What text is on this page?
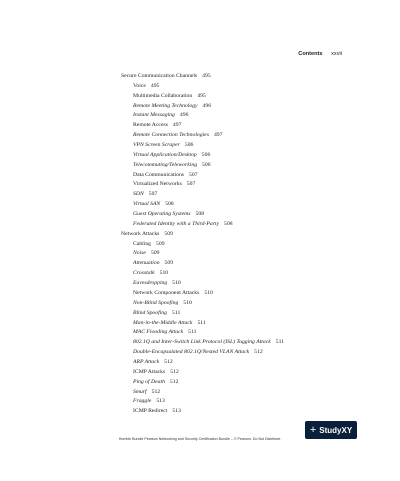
Contents xxvii
Secure Communication Channels 495
Voice 495
Multimedia Collaboration 495
Remote Meeting Technology 496
Instant Messaging 496
Remote Access 497
Remote Connection Technologies 497
VPN Screen Scraper 506
Virtual Application/Desktop 506
Telecommuting/Teleworking 506
Data Communications 507
Virtualized Networks 507
SDN 507
Virtual SAN 508
Guest Operating Systems 508
Federated Identity with a Third-Party 508
Network Attacks 509
Cabling 509
Noise 509
Attenuation 509
Crosstalk 510
Eavesdropping 510
Network Component Attacks 510
Non-Blind Spoofing 510
Blind Spoofing 511
Man-in-the-Middle Attack 511
MAC Flooding Attack 511
802.1Q and Inter-Switch Link Protocol (ISL) Tagging Attack 511
Double-Encapsulated 802.1Q/Nested VLAN Attack 512
ARP Attack 512
ICMP Attacks 512
Ping of Death 512
Smurf 512
Fraggle 513
ICMP Redirect 513
Humble Bundle Pearson Networking and Security Certification Bundle – © Pearson. Do Not Distribute.
+ StudyXY
